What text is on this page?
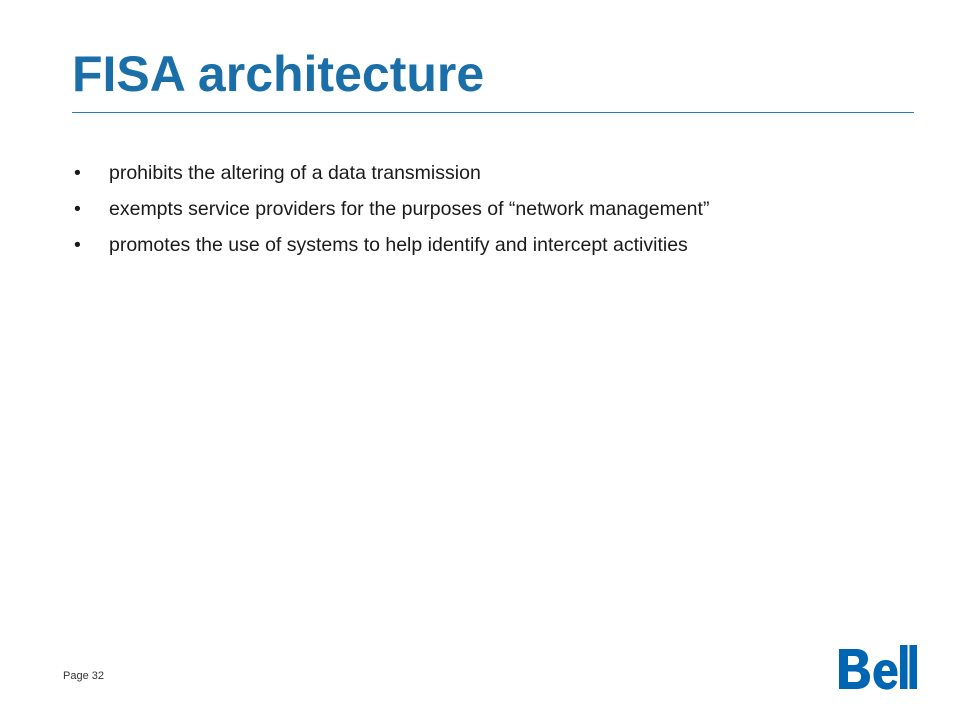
FISA architecture
• prohibits the altering of a data transmission
• exempts service providers for the purposes of “network management”
• promotes the use of systems to help identify and intercept activities
Page 32
